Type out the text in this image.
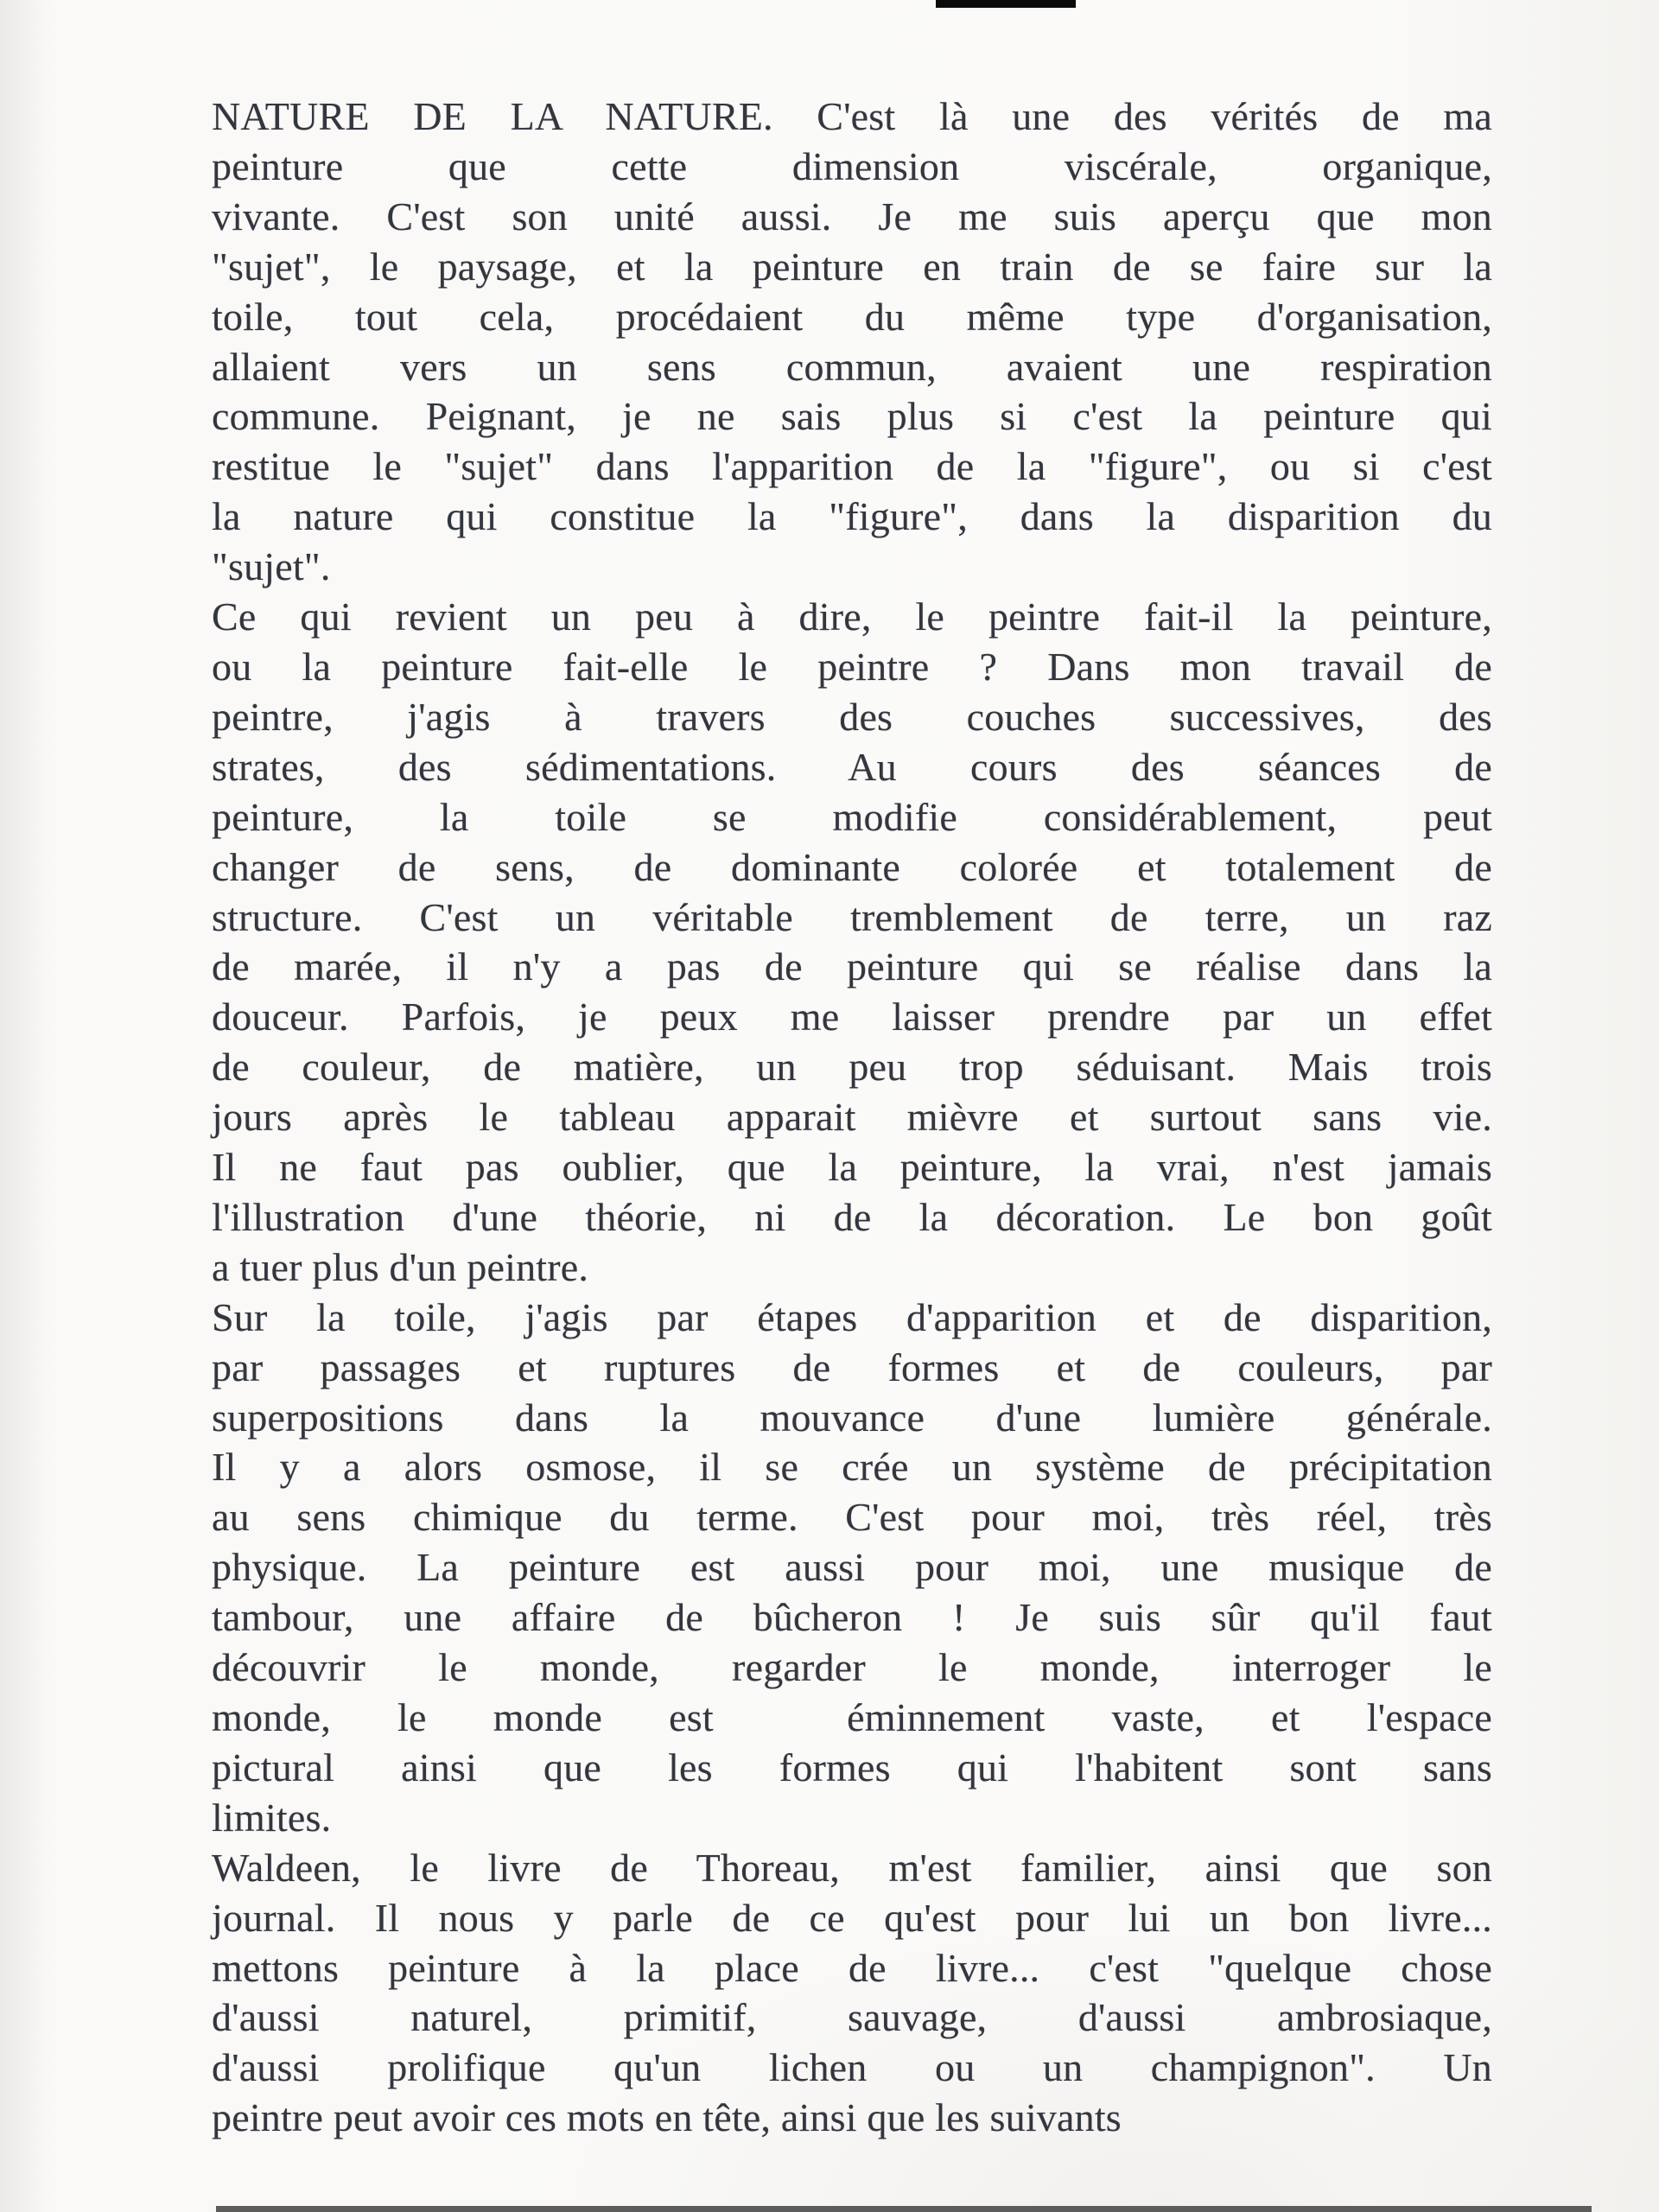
NATURE DE LA NATURE. C'est là une des vérités de ma
peinture que cette dimension viscérale, organique,
vivante. C'est son unité aussi. Je me suis aperçu que mon
"sujet", le paysage, et la peinture en train de se faire sur la
toile, tout cela, procédaient du même type d'organisation,
allaient vers un sens commun, avaient une respiration
commune. Peignant, je ne sais plus si c'est la peinture qui
restitue le "sujet" dans l'apparition de la "figure", ou si c'est
la nature qui constitue la "figure", dans la disparition du
"sujet".
Ce qui revient un peu à dire, le peintre fait-il la peinture,
ou la peinture fait-elle le peintre ? Dans mon travail de
peintre, j'agis à travers des couches successives, des
strates, des sédimentations. Au cours des séances de
peinture, la toile se modifie considérablement, peut
changer de sens, de dominante colorée et totalement de
structure. C'est un véritable tremblement de terre, un raz
de marée, il n'y a pas de peinture qui se réalise dans la
douceur. Parfois, je peux me laisser prendre par un effet
de couleur, de matière, un peu trop séduisant. Mais trois
jours après le tableau apparait mièvre et surtout sans vie.
Il ne faut pas oublier, que la peinture, la vrai, n'est jamais
l'illustration d'une théorie, ni de la décoration. Le bon goût
a tuer plus d'un peintre.
Sur la toile, j'agis par étapes d'apparition et de disparition,
par passages et ruptures de formes et de couleurs, par
superpositions dans la mouvance d'une lumière générale.
Il y a alors osmose, il se crée un système de précipitation
au sens chimique du terme. C'est pour moi, très réel, très
physique. La peinture est aussi pour moi, une musique de
tambour, une affaire de bûcheron ! Je suis sûr qu'il faut
découvrir le monde, regarder le monde, interroger le
monde, le monde est  éminnement vaste, et l'espace
pictural ainsi que les formes qui l'habitent sont sans
limites.
Waldeen, le livre de Thoreau, m'est familier, ainsi que son
journal. Il nous y parle de ce qu'est pour lui un bon livre...
mettons peinture à la place de livre... c'est "quelque chose
d'aussi naturel, primitif, sauvage, d'aussi ambrosiaque,
d'aussi prolifique qu'un lichen ou un champignon". Un
peintre peut avoir ces mots en tête, ainsi que les suivants
